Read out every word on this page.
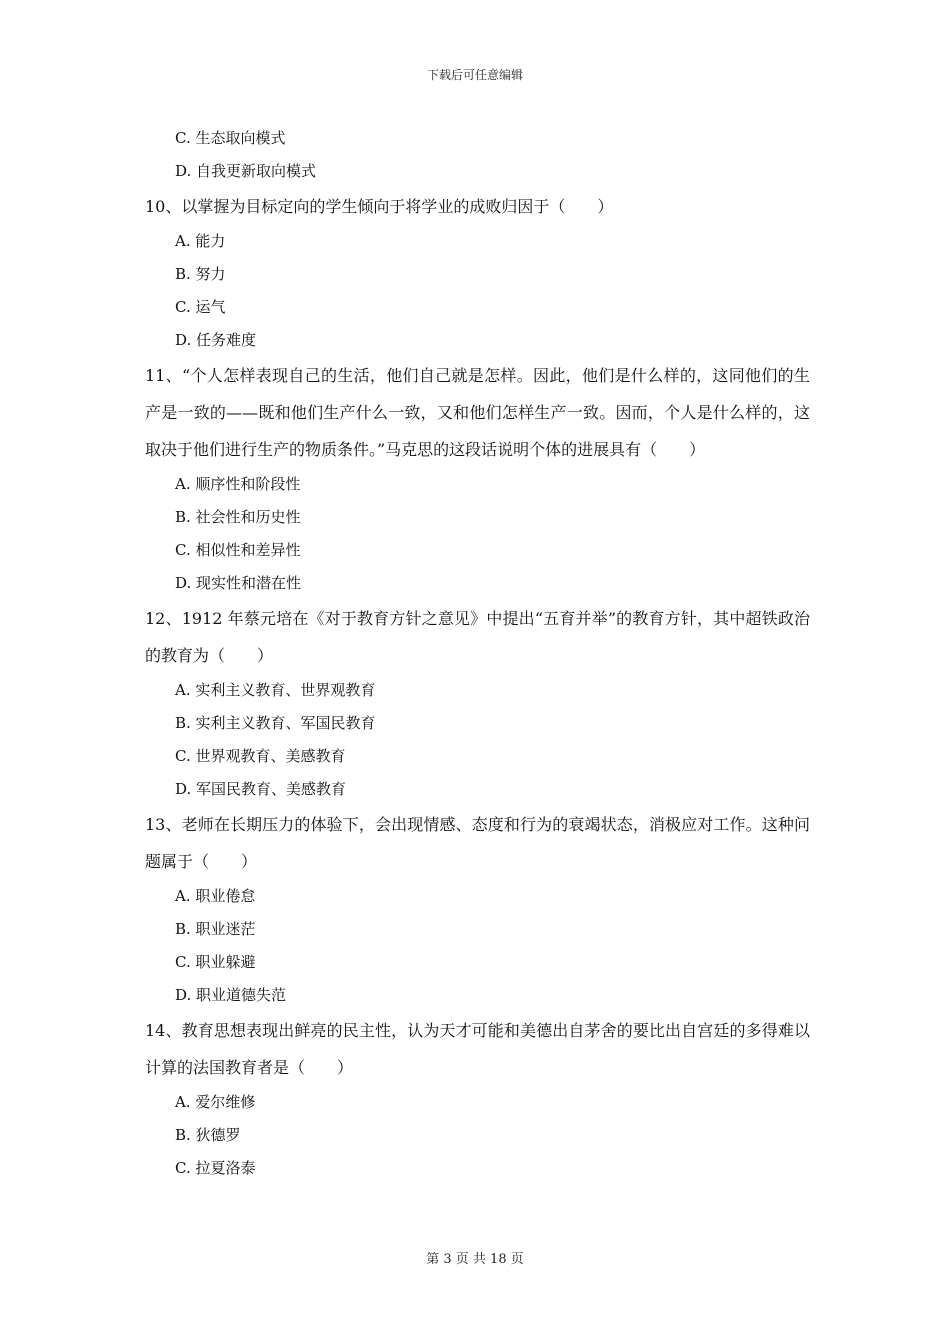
下载后可任意编辑

C. 生态取向模式

D. 自我更新取向模式

10、以掌握为目标定向的学生倾向于将学业的成败归因于（　　）

A. 能力

B. 努力

C. 运气

D. 任务难度

11、“个人怎样表现自己的生活，他们自己就是怎样。因此，他们是什么样的，这同他们的生产是一致的——既和他们生产什么一致，又和他们怎样生产一致。因而，个人是什么样的，这取决于他们进行生产的物质条件。”马克思的这段话说明个体的进展具有（　　）

A. 顺序性和阶段性

B. 社会性和历史性

C. 相似性和差异性

D. 现实性和潜在性

12、1912 年蔡元培在《对于教育方针之意见》中提出“五育并举”的教育方针，其中超铁政治的教育为（　　）

A. 实利主义教育、世界观教育

B. 实利主义教育、军国民教育

C. 世界观教育、美感教育

D. 军国民教育、美感教育

13、老师在长期压力的体验下，会出现情感、态度和行为的衰竭状态，消极应对工作。这种问题属于（　　）

A. 职业倦怠

B. 职业迷茫

C. 职业躲避

D. 职业道德失范

14、教育思想表现出鲜亮的民主性，认为天才可能和美德出自茅舍的要比出自宫廷的多得难以计算的法国教育者是（　　）

A. 爱尔维修

B. 狄德罗

C. 拉夏洛泰

第 3 页 共 18 页
